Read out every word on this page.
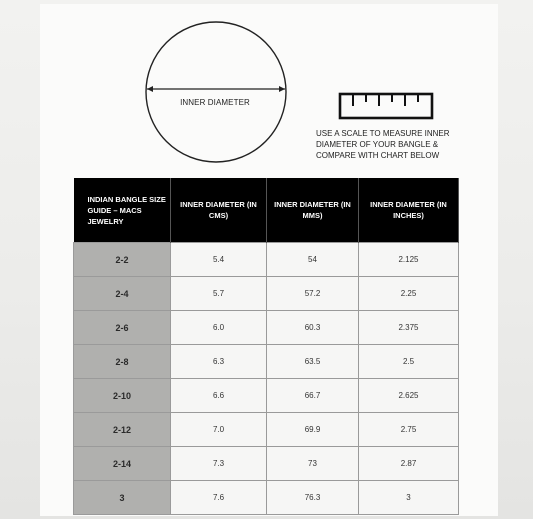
INNER DIAMETER
USE A SCALE TO MEASURE INNER DIAMETER OF YOUR BANGLE & COMPARE WITH CHART BELOW
INDIAN BANGLE SIZE GUIDE – MACS JEWELRY	INNER DIAMETER (IN CMS)	INNER DIAMETER (IN MMS)	INNER DIAMETER (IN INCHES)
2-2	5.4	54	2.125
2-4	5.7	57.2	2.25
2-6	6.0	60.3	2.375
2-8	6.3	63.5	2.5
2-10	6.6	66.7	2.625
2-12	7.0	69.9	2.75
2-14	7.3	73	2.87
3	7.6	76.3	3
